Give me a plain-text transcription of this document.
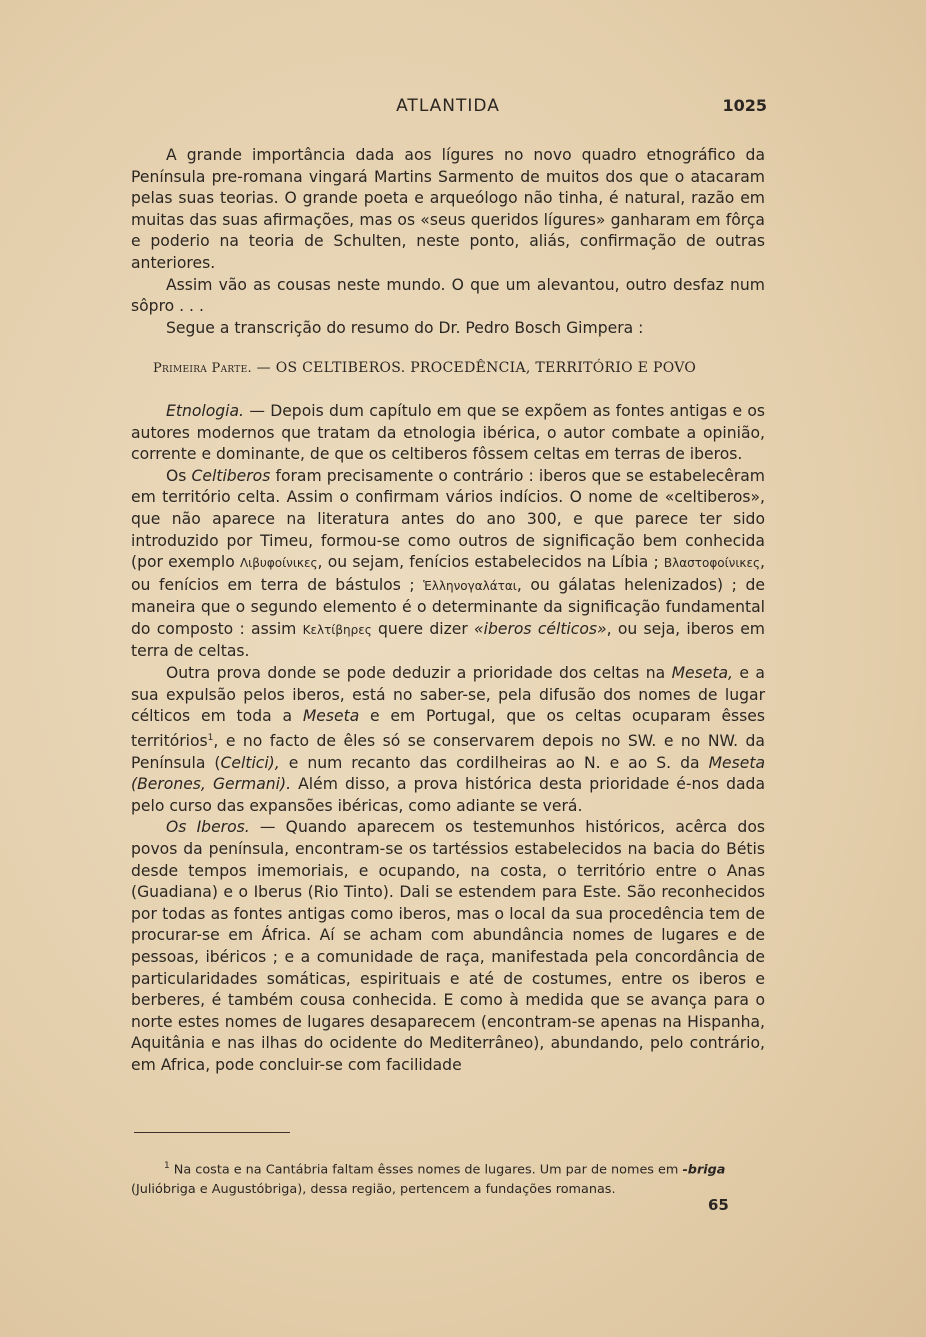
ATLANTIDA	1025

A grande importância dada aos lígures no novo quadro etnográfico da Península pre-romana vingará Martins Sarmento de muitos dos que o atacaram pelas suas teorias. O grande poeta e arqueólogo não tinha, é natural, razão em muitas das suas afirmações, mas os «seus queridos lígures» ganharam em fôrça e poderio na teoria de Schulten, neste ponto, aliás, confirmação de outras anteriores.

Assim vão as cousas neste mundo. O que um alevantou, outro desfaz num sôpro . . .

Segue a transcrição do resumo do Dr. Pedro Bosch Gimpera :

Primeira Parte. — OS CELTIBEROS. PROCEDÊNCIA, TERRITÓRIO E POVO

Etnologia. — Depois dum capítulo em que se expõem as fontes antigas e os autores modernos que tratam da etnologia ibérica, o autor combate a opinião, corrente e dominante, de que os celtiberos fôssem celtas em terras de iberos.

Os Celtiberos foram precisamente o contrário : iberos que se estabelecêram em território celta. Assim o confirmam vários indícios. O nome de «celtiberos», que não aparece na literatura antes do ano 300, e que parece ter sido introduzido por Timeu, formou-se como outros de significação bem conhecida (por exemplo Λιβυφοίνικες, ou sejam, fenícios estabelecidos na Líbia ; Βλαστοφοίνικες, ou fenícios em terra de bástulos ; Ἑλληνογαλάται, ou gálatas helenizados) ; de maneira que o segundo elemento é o determinante da significação fundamental do composto : assim Κελτίβηρες quere dizer «iberos célticos», ou seja, iberos em terra de celtas.

Outra prova donde se pode deduzir a prioridade dos celtas na Meseta, e a sua expulsão pelos iberos, está no saber-se, pela difusão dos nomes de lugar célticos em toda a Meseta e em Portugal, que os celtas ocuparam êsses territórios$^1$, e no facto de êles só se conservarem depois no SW. e no NW. da Península (Celtici), e num recanto das cordilheiras ao N. e ao S. da Meseta (Berones, Germani). Além disso, a prova histórica desta prioridade é-nos dada pelo curso das expansões ibéricas, como adiante se verá.

Os Iberos. — Quando aparecem os testemunhos históricos, acêrca dos povos da península, encontram-se os tartéssios estabelecidos na bacia do Bétis desde tempos imemoriais, e ocupando, na costa, o território entre o Anas (Guadiana) e o Iberus (Rio Tinto). Dali se estendem para Este. São reconhecidos por todas as fontes antigas como iberos, mas o local da sua procedência tem de procurar-se em África. Aí se acham com abundância nomes de lugares e de pessoas, ibéricos ; e a comunidade de raça, manifestada pela concordância de particularidades somáticas, espirituais e até de costumes, entre os iberos e berberes, é também cousa conhecida. E como à medida que se avança para o norte estes nomes de lugares desaparecem (encontram-se apenas na Hispanha, Aquitânia e nas ilhas do ocidente do Mediterrâneo), abundando, pelo contrário, em Africa, pode concluir-se com facilidade

$^1$ Na costa e na Cantábria faltam êsses nomes de lugares. Um par de nomes em -briga (Julióbriga e Augustóbriga), dessa região, pertencem a fundações romanas.

65
